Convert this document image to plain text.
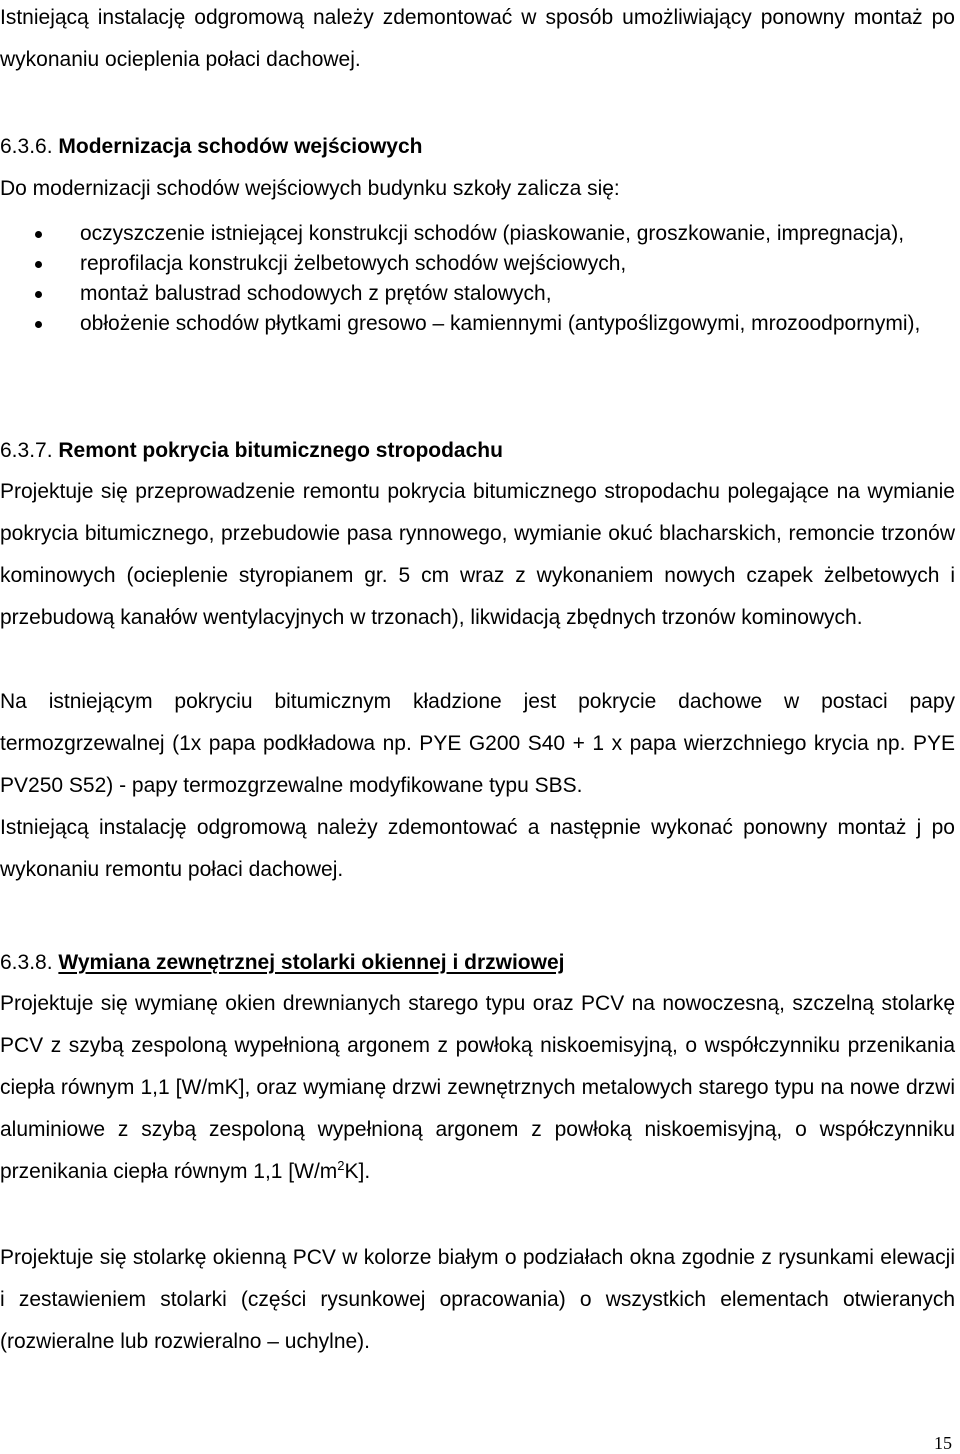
Istniejącą instalację odgromową należy zdemontować w sposób umożliwiający ponowny montaż po wykonaniu ocieplenia połaci dachowej.

6.3.6. Modernizacja schodów wejściowych

Do modernizacji schodów wejściowych budynku szkoły zalicza się:

oczyszczenie istniejącej konstrukcji schodów (piaskowanie, groszkowanie, impregnacja),
reprofilacja konstrukcji żelbetowych schodów wejściowych,
montaż balustrad schodowych z prętów stalowych,
obłożenie schodów płytkami gresowo – kamiennymi (antypoślizgowymi, mrozoodpornymi),
6.3.7. Remont pokrycia bitumicznego stropodachu

Projektuje się przeprowadzenie remontu pokrycia bitumicznego stropodachu polegające na wymianie pokrycia bitumicznego, przebudowie pasa rynnowego, wymianie okuć blacharskich, remoncie trzonów kominowych (ocieplenie styropianem gr. 5 cm wraz z wykonaniem nowych czapek żelbetowych i przebudową kanałów wentylacyjnych w trzonach), likwidacją zbędnych trzonów kominowych.

Na istniejącym pokryciu bitumicznym kładzione jest pokrycie dachowe w postaci papy termozgrzewalnej (1x papa podkładowa np. PYE G200 S40 + 1 x papa wierzchniego krycia np. PYE PV250 S52) - papy termozgrzewalne modyfikowane typu SBS.

Istniejącą instalację odgromową należy zdemontować a następnie wykonać ponowny montaż j po wykonaniu remontu połaci dachowej.

6.3.8. Wymiana zewnętrznej stolarki okiennej i drzwiowej

Projektuje się wymianę okien drewnianych starego typu oraz PCV na nowoczesną, szczelną stolarkę PCV z szybą zespoloną wypełnioną argonem z powłoką niskoemisyjną, o współczynniku przenikania ciepła równym 1,1 [W/mK], oraz wymianę drzwi zewnętrznych metalowych starego typu na nowe drzwi aluminiowe z szybą zespoloną wypełnioną argonem z powłoką niskoemisyjną, o współczynniku przenikania ciepła równym 1,1 $[W/m^2K]$.

Projektuje się stolarkę okienną PCV w kolorze białym o podziałach okna zgodnie z rysunkami elewacji i zestawieniem stolarki (części rysunkowej opracowania) o wszystkich elementach otwieranych (rozwieralne lub rozwieralno – uchylne).

15
